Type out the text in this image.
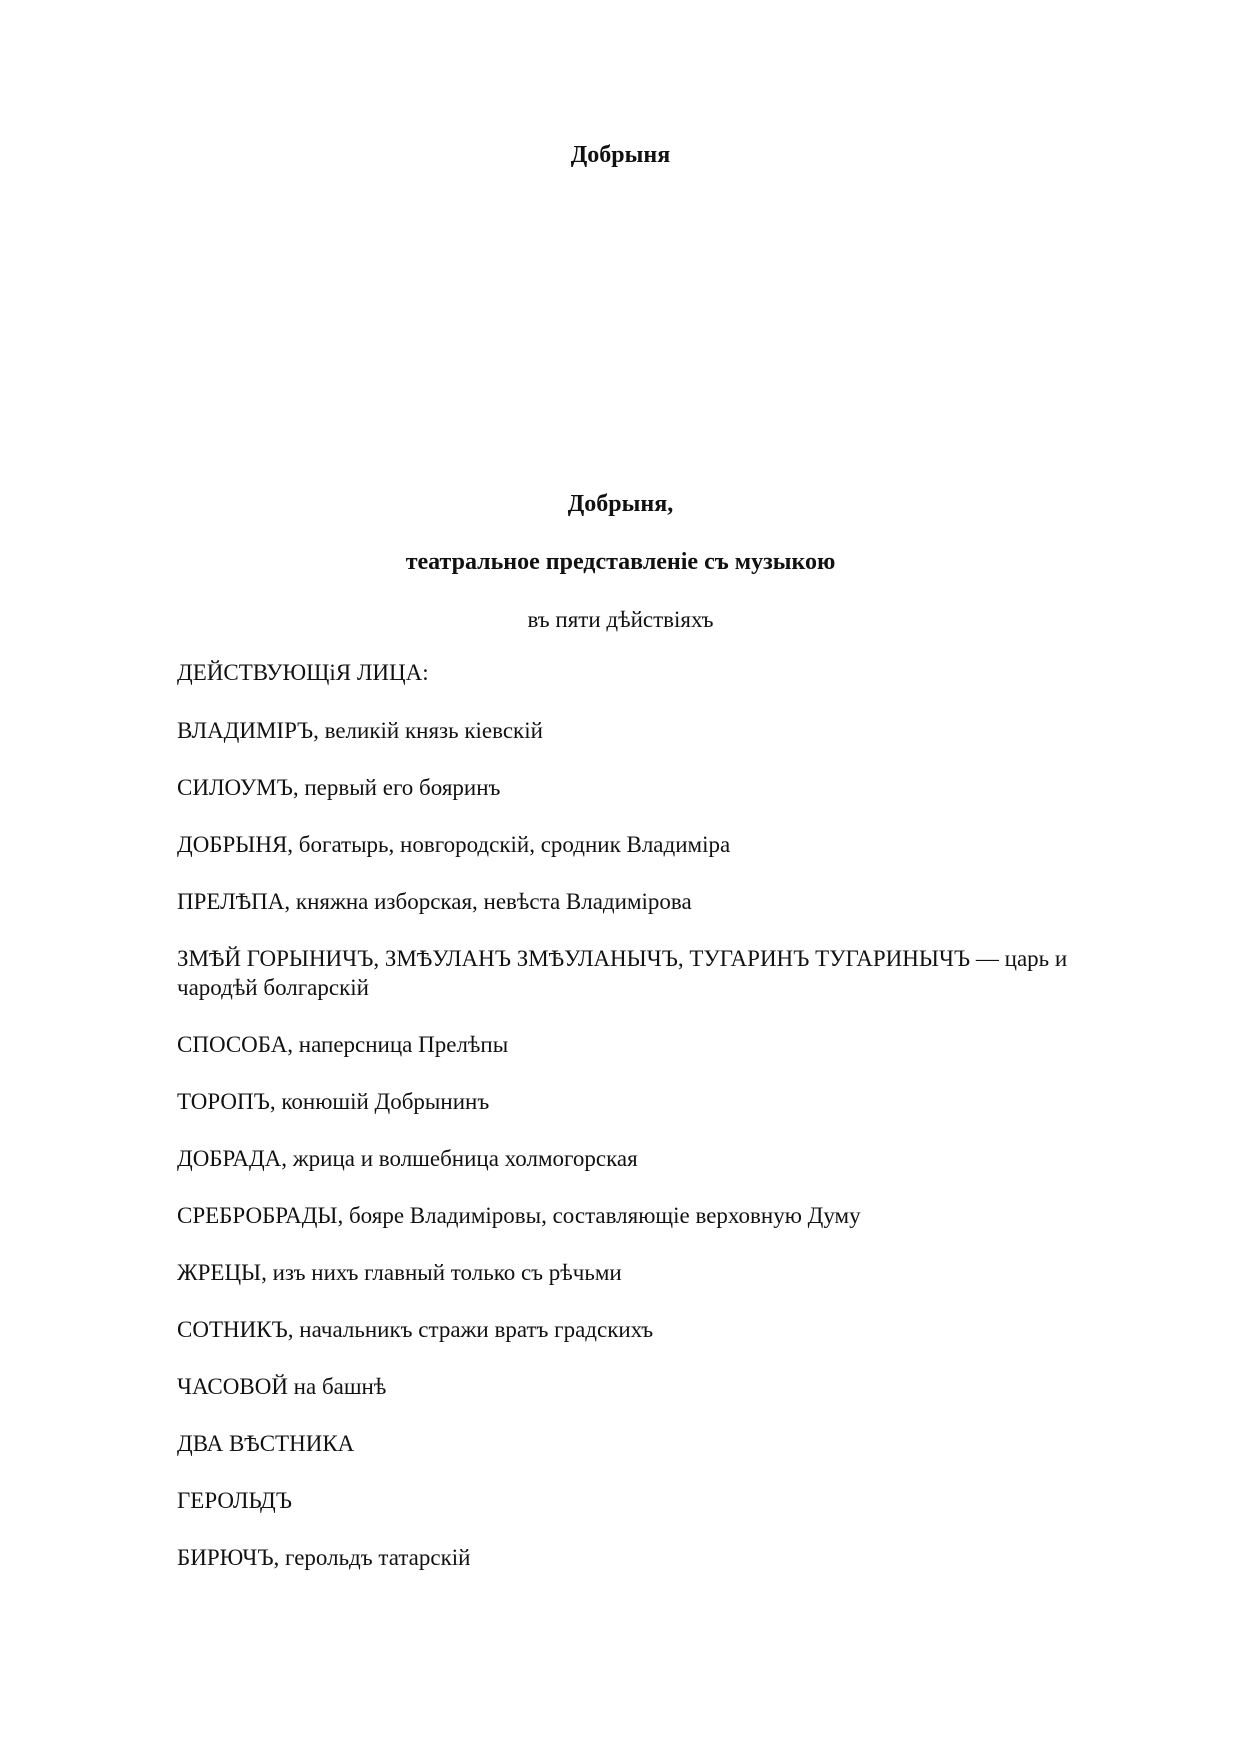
Добрыня
Добрыня,

театральное представленіе съ музыкою

въ пяти дѣйствіяхъ

ДЕЙСТВУЮЩіЯ ЛИЦА:

ВЛАДИМІРЪ, великій князь кіевскій

СИЛОУМЪ, первый его бояринъ

ДОБРЫНЯ, богатырь, новгородскій, сродник Владиміра

ПРЕЛѢПА, княжна изборская, невѣста Владимірова

ЗМѢЙ ГОРЫНИЧЪ, ЗМѢУЛАНЪ ЗМѢУЛАНЫЧЪ, ТУГАРИНЪ ТУГАРИНЫЧЪ — царь и чародѣй болгарскій

СПОСОБА, наперсница Прелѣпы

ТОРОПЪ, конюшій Добрынинъ

ДОБРАДА, жрица и волшебница холмогорская

СРЕБРОБРАДЫ, бояре Владиміровы, составляющіе верховную Думу

ЖРЕЦЫ, изъ нихъ главный только съ рѣчьми

СОТНИКЪ, начальникъ стражи вратъ градскихъ

ЧАСОВОЙ на башнѣ

ДВА ВѢСТНИКА

ГЕРОЛЬДЪ

БИРЮЧЪ, герольдъ татарскій
